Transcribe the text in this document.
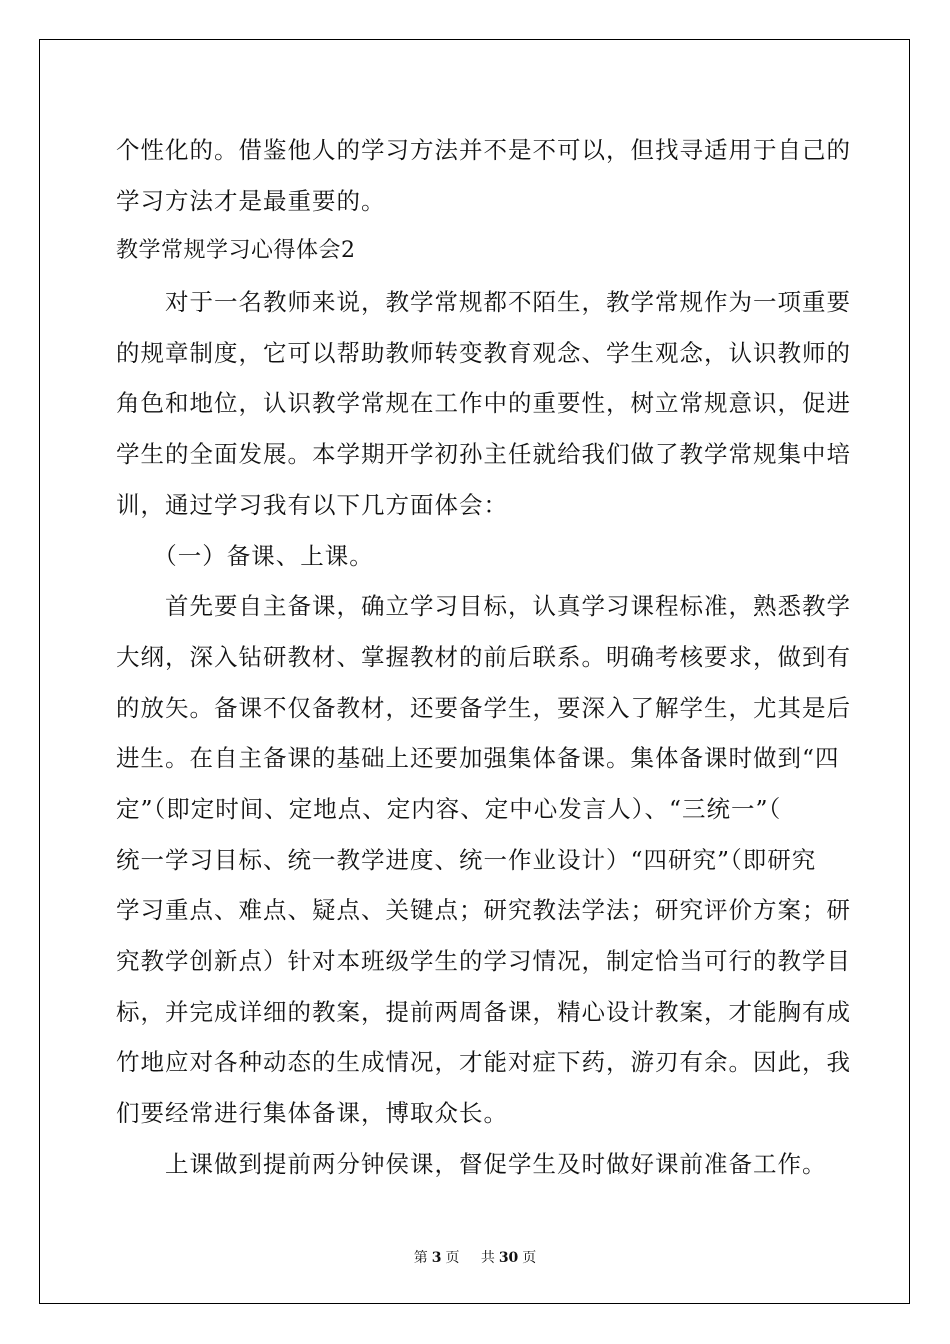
个性化的。借鉴他人的学习方法并不是不可以，但找寻适用于自己的
学习方法才是最重要的。
教学常规学习心得体会2
　　对于一名教师来说，教学常规都不陌生，教学常规作为一项重要
的规章制度，它可以帮助教师转变教育观念、学生观念，认识教师的
角色和地位，认识教学常规在工作中的重要性，树立常规意识，促进
学生的全面发展。本学期开学初孙主任就给我们做了教学常规集中培
训，通过学习我有以下几方面体会：
　　（一）备课、上课。
　　首先要自主备课，确立学习目标，认真学习课程标准，熟悉教学
大纲，深入钻研教材、掌握教材的前后联系。明确考核要求，做到有
的放矢。备课不仅备教材，还要备学生，要深入了解学生，尤其是后
进生。在自主备课的基础上还要加强集体备课。集体备课时做到“四
定”（即定时间、定地点、定内容、定中心发言人）、“三统一”（
统一学习目标、统一教学进度、统一作业设计）“四研究”（即研究
学习重点、难点、疑点、关键点；研究教法学法；研究评价方案；研
究教学创新点）针对本班级学生的学习情况，制定恰当可行的教学目
标，并完成详细的教案，提前两周备课，精心设计教案，才能胸有成
竹地应对各种动态的生成情况，才能对症下药，游刃有余。因此，我
们要经常进行集体备课，博取众长。
　　上课做到提前两分钟侯课，督促学生及时做好课前准备工作。
第 3 页 共 30 页
